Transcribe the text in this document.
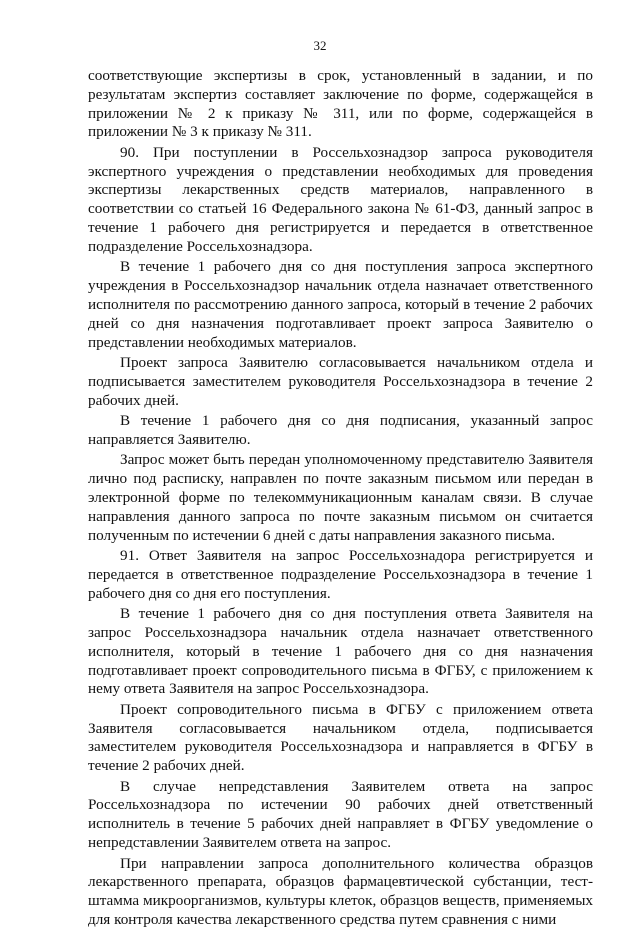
32

соответствующие экспертизы в срок, установленный в задании, и по результатам экспертиз составляет заключение по форме, содержащейся в приложении № 2 к приказу № 311, или по форме, содержащейся в приложении № 3 к приказу № 311.

90. При поступлении в Россельхознадзор запроса руководителя экспертного учреждения о представлении необходимых для проведения экспертизы лекарственных средств материалов, направленного в соответствии со статьей 16 Федерального закона № 61-ФЗ, данный запрос в течение 1 рабочего дня регистрируется и передается в ответственное подразделение Россельхознадзора.

В течение 1 рабочего дня со дня поступления запроса экспертного учреждения в Россельхознадзор начальник отдела назначает ответственного исполнителя по рассмотрению данного запроса, который в течение 2 рабочих дней со дня назначения подготавливает проект запроса Заявителю о представлении необходимых материалов.

Проект запроса Заявителю согласовывается начальником отдела и подписывается заместителем руководителя Россельхознадзора в течение 2 рабочих дней.

В течение 1 рабочего дня со дня подписания, указанный запрос направляется Заявителю.

Запрос может быть передан уполномоченному представителю Заявителя лично под расписку, направлен по почте заказным письмом или передан в электронной форме по телекоммуникационным каналам связи. В случае направления данного запроса по почте заказным письмом он считается полученным по истечении 6 дней с даты направления заказного письма.

91. Ответ Заявителя на запрос Россельхознадора регистрируется и передается в ответственное подразделение Россельхознадзора в течение 1 рабочего дня со дня его поступления.

В течение 1 рабочего дня со дня поступления ответа Заявителя на запрос Россельхознадзора начальник отдела назначает ответственного исполнителя, который в течение 1 рабочего дня со дня назначения подготавливает проект сопроводительного письма в ФГБУ, с приложением к нему ответа Заявителя на запрос Россельхознадзора.

Проект сопроводительного письма в ФГБУ с приложением ответа Заявителя согласовывается начальником отдела, подписывается заместителем руководителя Россельхознадзора и направляется в ФГБУ в течение 2 рабочих дней.

В случае непредставления Заявителем ответа на запрос Россельхознадзора по истечении 90 рабочих дней ответственный исполнитель в течение 5 рабочих дней направляет в ФГБУ уведомление о непредставлении Заявителем ответа на запрос.

При направлении запроса дополнительного количества образцов лекарственного препарата, образцов фармацевтической субстанции, тест-штамма микроорганизмов, культуры клеток, образцов веществ, применяемых для контроля качества лекарственного средства путем сравнения с ними
